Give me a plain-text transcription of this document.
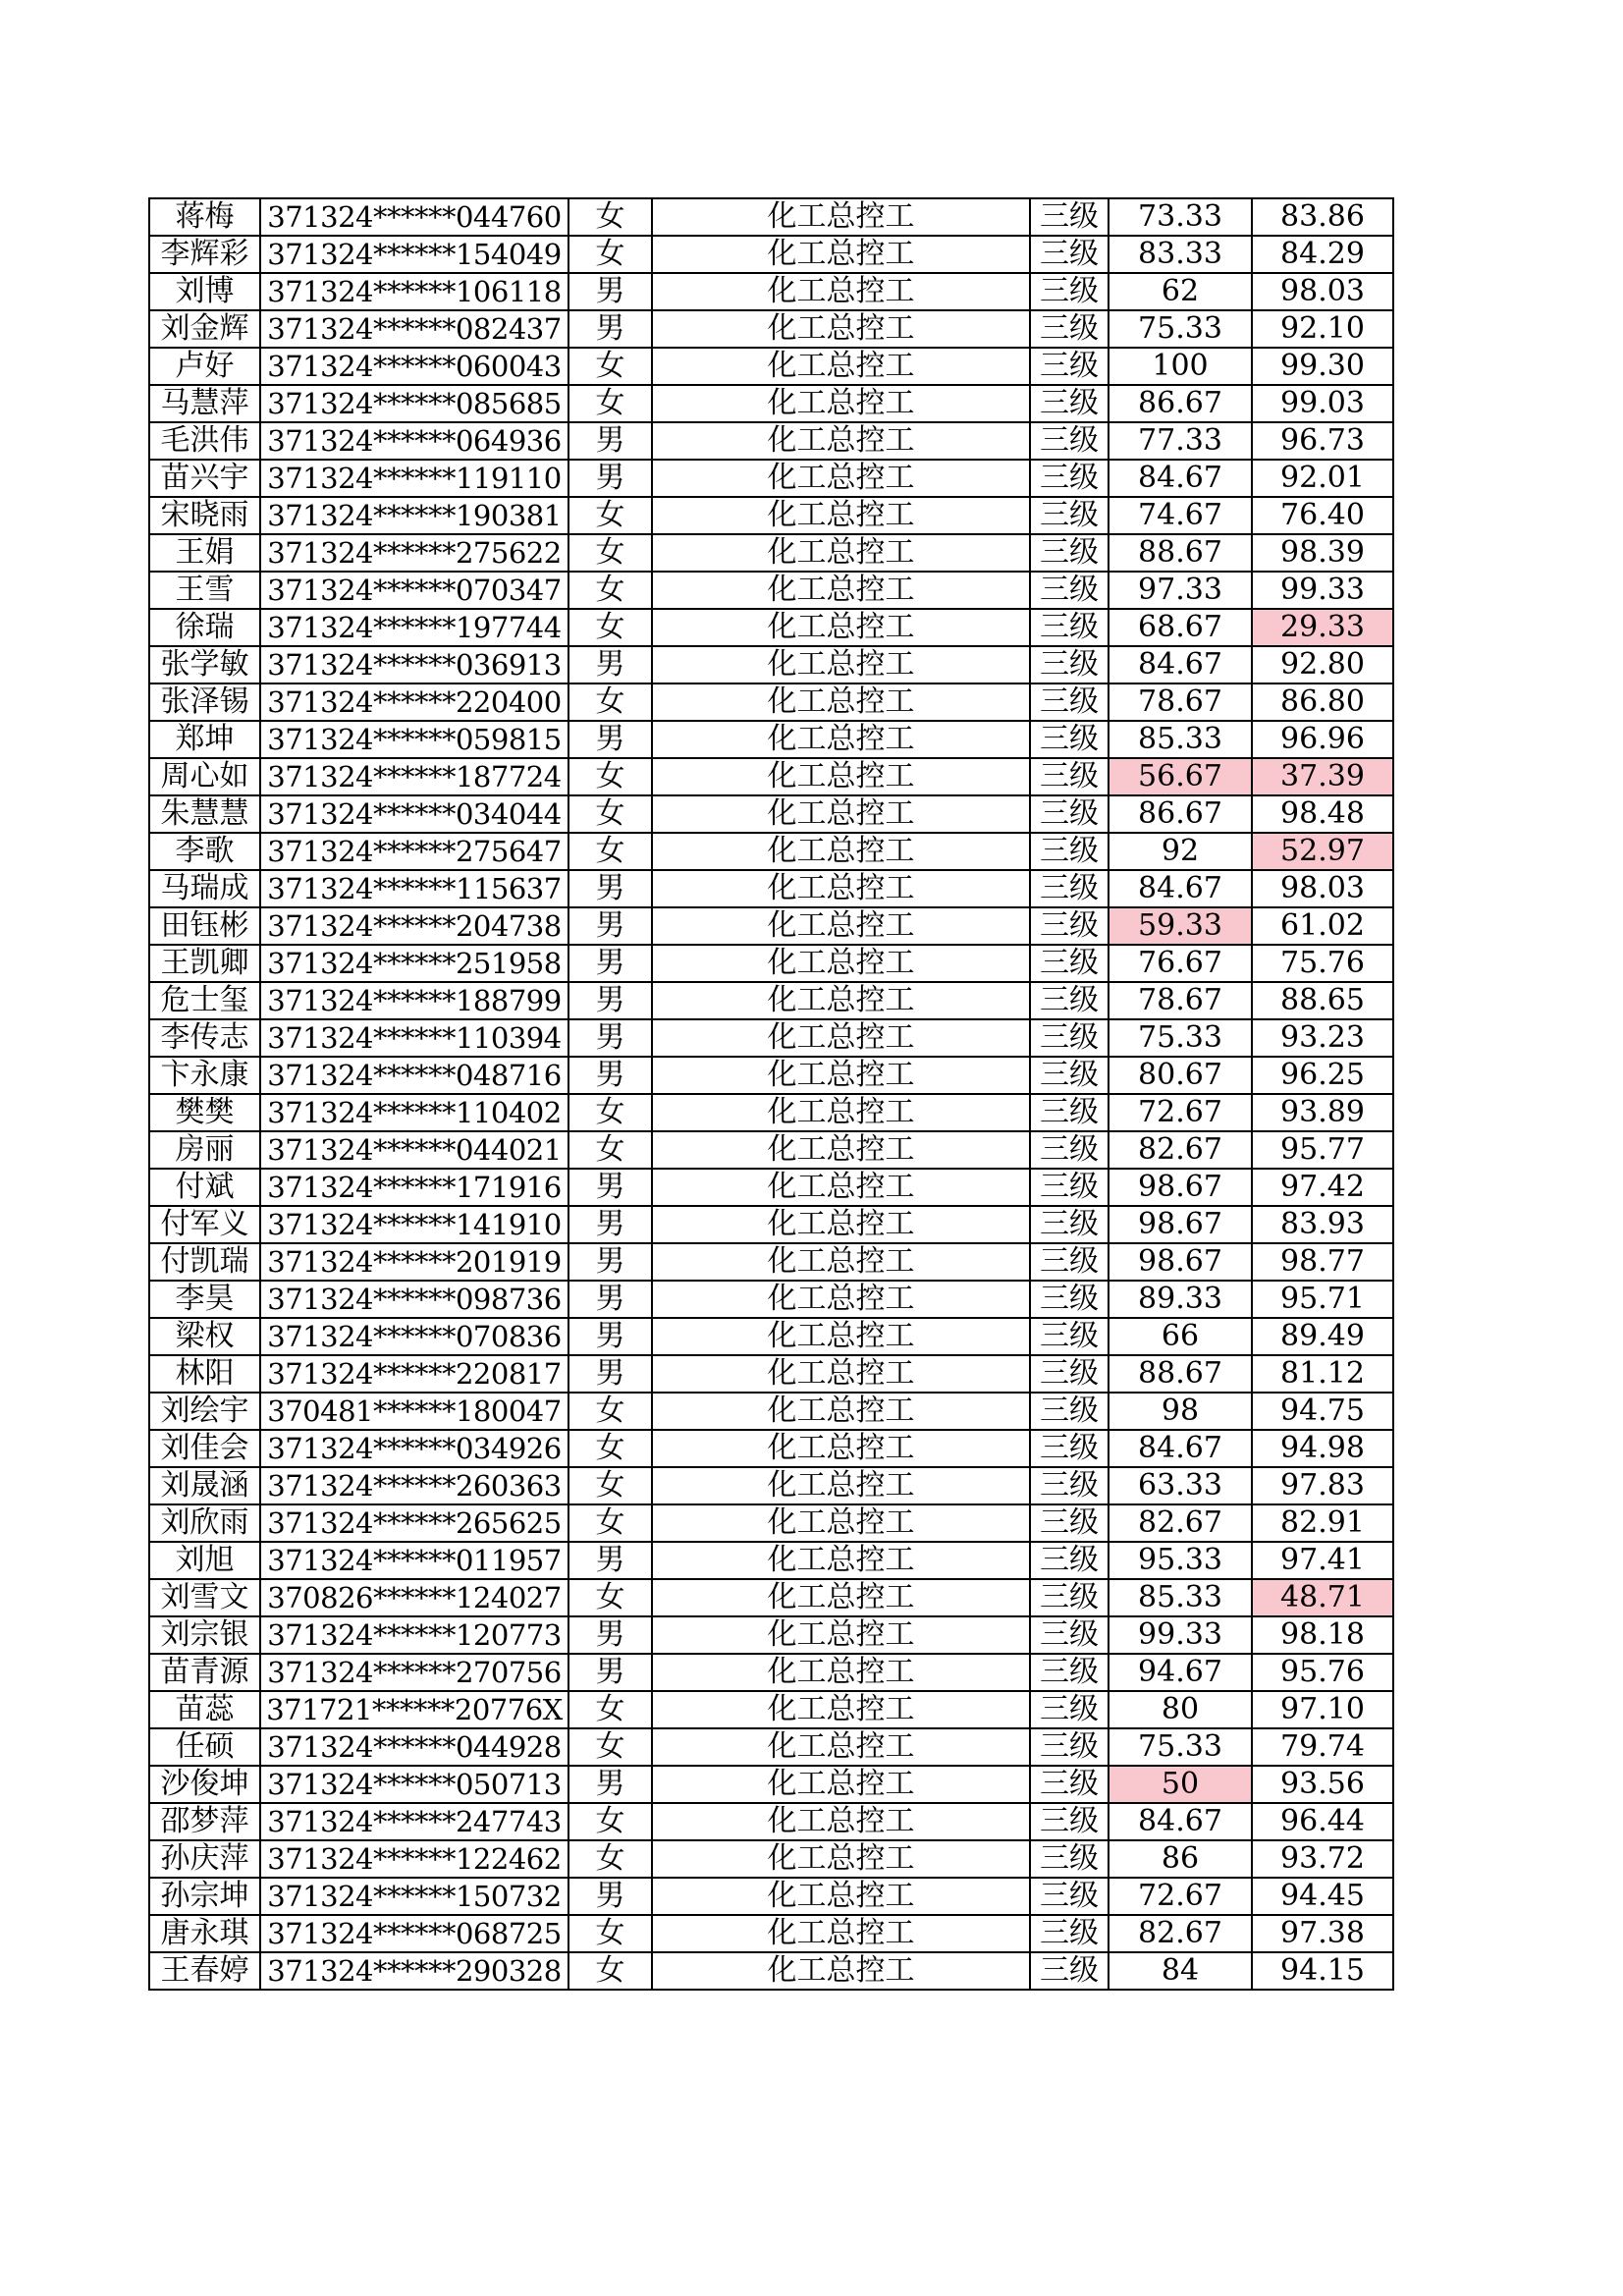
蒋梅	371324******044760	女	化工总控工	三级	73.33	83.86
李辉彩	371324******154049	女	化工总控工	三级	83.33	84.29
刘博	371324******106118	男	化工总控工	三级	62	98.03
刘金辉	371324******082437	男	化工总控工	三级	75.33	92.10
卢好	371324******060043	女	化工总控工	三级	100	99.30
马慧萍	371324******085685	女	化工总控工	三级	86.67	99.03
毛洪伟	371324******064936	男	化工总控工	三级	77.33	96.73
苗兴宇	371324******119110	男	化工总控工	三级	84.67	92.01
宋晓雨	371324******190381	女	化工总控工	三级	74.67	76.40
王娟	371324******275622	女	化工总控工	三级	88.67	98.39
王雪	371324******070347	女	化工总控工	三级	97.33	99.33
徐瑞	371324******197744	女	化工总控工	三级	68.67	29.33
张学敏	371324******036913	男	化工总控工	三级	84.67	92.80
张泽锡	371324******220400	女	化工总控工	三级	78.67	86.80
郑坤	371324******059815	男	化工总控工	三级	85.33	96.96
周心如	371324******187724	女	化工总控工	三级	56.67	37.39
朱慧慧	371324******034044	女	化工总控工	三级	86.67	98.48
李歌	371324******275647	女	化工总控工	三级	92	52.97
马瑞成	371324******115637	男	化工总控工	三级	84.67	98.03
田钰彬	371324******204738	男	化工总控工	三级	59.33	61.02
王凯卿	371324******251958	男	化工总控工	三级	76.67	75.76
危士玺	371324******188799	男	化工总控工	三级	78.67	88.65
李传志	371324******110394	男	化工总控工	三级	75.33	93.23
卞永康	371324******048716	男	化工总控工	三级	80.67	96.25
樊樊	371324******110402	女	化工总控工	三级	72.67	93.89
房丽	371324******044021	女	化工总控工	三级	82.67	95.77
付斌	371324******171916	男	化工总控工	三级	98.67	97.42
付军义	371324******141910	男	化工总控工	三级	98.67	83.93
付凯瑞	371324******201919	男	化工总控工	三级	98.67	98.77
李昊	371324******098736	男	化工总控工	三级	89.33	95.71
梁权	371324******070836	男	化工总控工	三级	66	89.49
林阳	371324******220817	男	化工总控工	三级	88.67	81.12
刘绘宇	370481******180047	女	化工总控工	三级	98	94.75
刘佳会	371324******034926	女	化工总控工	三级	84.67	94.98
刘晟涵	371324******260363	女	化工总控工	三级	63.33	97.83
刘欣雨	371324******265625	女	化工总控工	三级	82.67	82.91
刘旭	371324******011957	男	化工总控工	三级	95.33	97.41
刘雪文	370826******124027	女	化工总控工	三级	85.33	48.71
刘宗银	371324******120773	男	化工总控工	三级	99.33	98.18
苗青源	371324******270756	男	化工总控工	三级	94.67	95.76
苗蕊	371721******20776X	女	化工总控工	三级	80	97.10
任硕	371324******044928	女	化工总控工	三级	75.33	79.74
沙俊坤	371324******050713	男	化工总控工	三级	50	93.56
邵梦萍	371324******247743	女	化工总控工	三级	84.67	96.44
孙庆萍	371324******122462	女	化工总控工	三级	86	93.72
孙宗坤	371324******150732	男	化工总控工	三级	72.67	94.45
唐永琪	371324******068725	女	化工总控工	三级	82.67	97.38
王春婷	371324******290328	女	化工总控工	三级	84	94.15
